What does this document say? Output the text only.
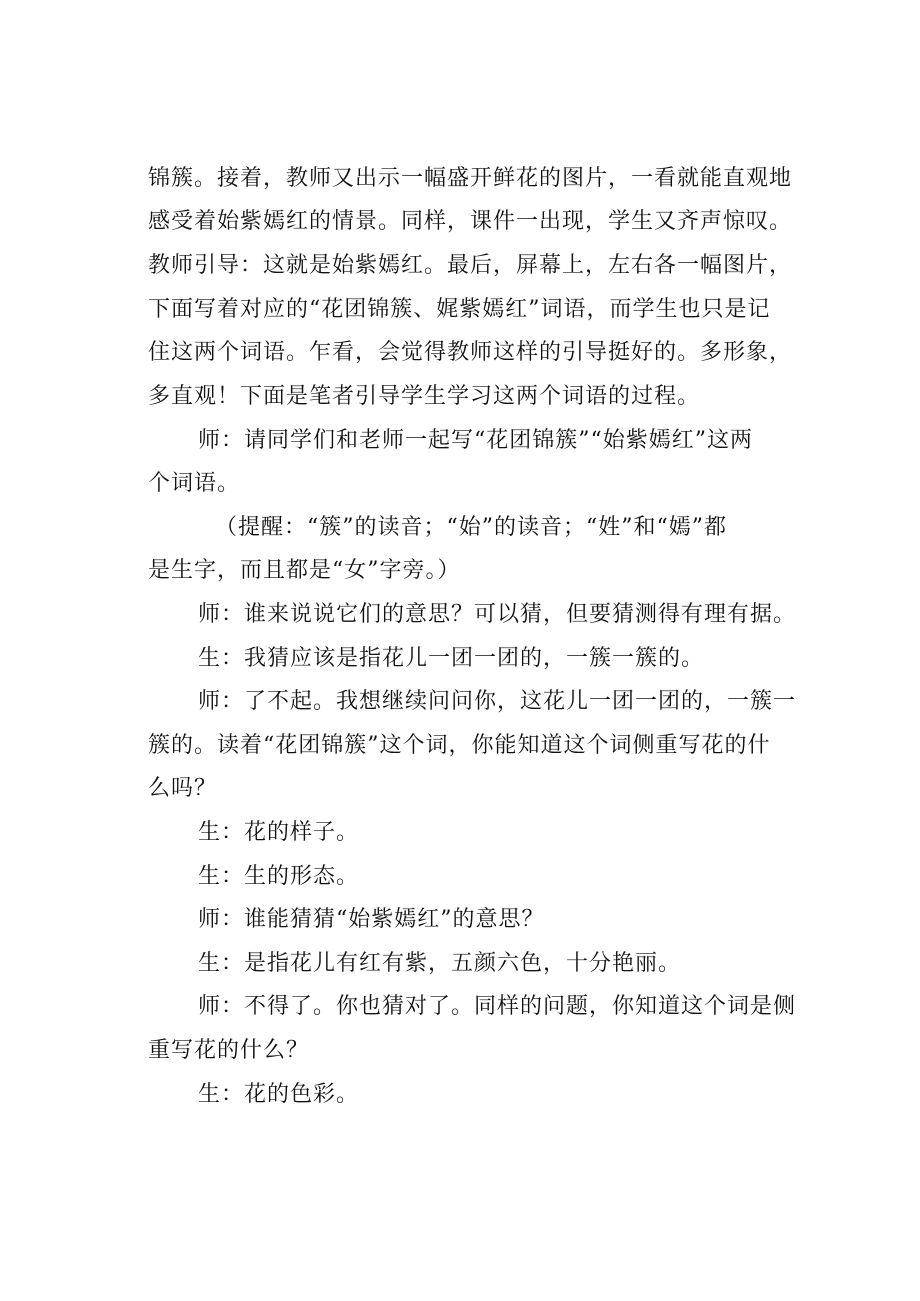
锦簇。接着，教师又出示一幅盛开鲜花的图片，一看就能直观地
感受着始紫嫣红的情景。同样，课件一出现，学生又齐声惊叹。
教师引导：这就是始紫嫣红。最后，屏幕上，左右各一幅图片，
下面写着对应的“花团锦簇、娓紫嫣红”词语，而学生也只是记
住这两个词语。乍看，会觉得教师这样的引导挺好的。多形象，
多直观！下面是笔者引导学生学习这两个词语的过程。
师：请同学们和老师一起写“花团锦簇”“始紫嫣红”这两
个词语。
（提醒：“簇”的读音；“始”的读音；“姓”和“嫣”都
是生字，而且都是“女”字旁。）
师：谁来说说它们的意思？可以猜，但要猜测得有理有据。
生：我猜应该是指花儿一团一团的，一簇一簇的。
师：了不起。我想继续问问你，这花儿一团一团的，一簇一
簇的。读着“花团锦簇”这个词，你能知道这个词侧重写花的什
么吗？
生：花的样子。
生：生的形态。
师：谁能猜猜“始紫嫣红”的意思？
生：是指花儿有红有紫，五颜六色，十分艳丽。
师：不得了。你也猜对了。同样的问题，你知道这个词是侧
重写花的什么？
生：花的色彩。
